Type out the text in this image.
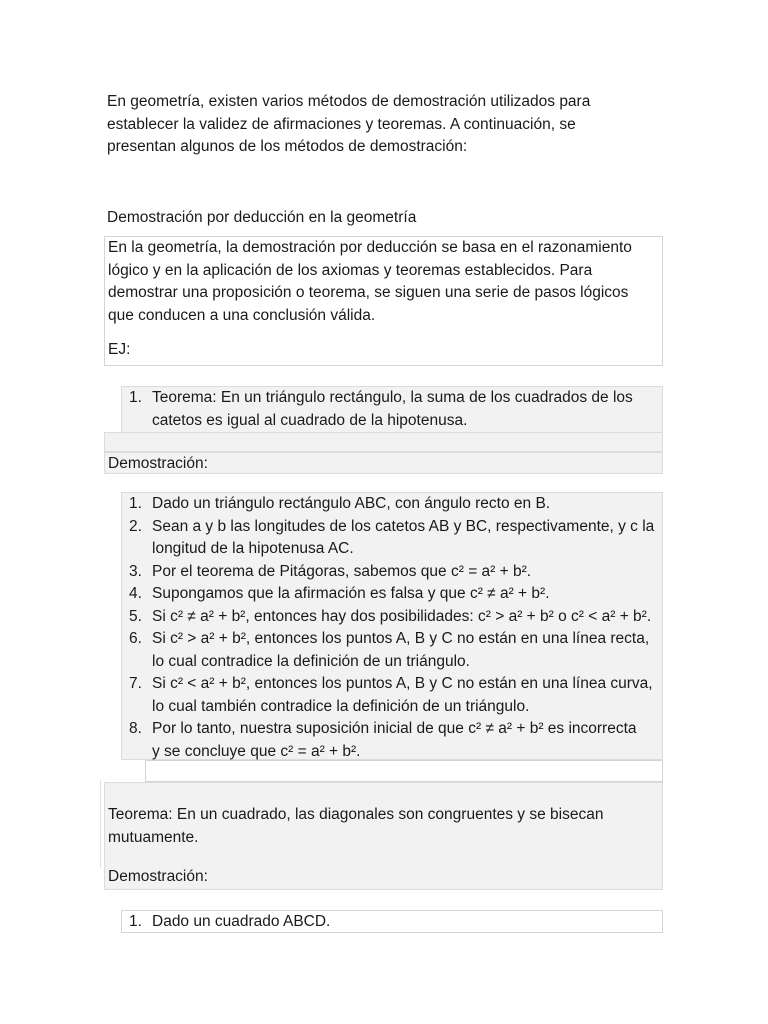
En geometría, existen varios métodos de demostración utilizados para

establecer la validez de afirmaciones y teoremas. A continuación, se

presentan algunos de los métodos de demostración:

Demostración por deducción en la geometría

En la geometría, la demostración por deducción se basa en el razonamiento

lógico y en la aplicación de los axiomas y teoremas establecidos. Para

demostrar una proposición o teorema, se siguen una serie de pasos lógicos

que conducen a una conclusión válida.

EJ:

1. Teorema: En un triángulo rectángulo, la suma de los cuadrados de los
catetos es igual al cuadrado de la hipotenusa.
Demostración:
1. Dado un triángulo rectángulo ABC, con ángulo recto en B.
2. Sean a y b las longitudes de los catetos AB y BC, respectivamente, y c la
longitud de la hipotenusa AC.
3. Por el teorema de Pitágoras, sabemos que c² = a² + b².
4. Supongamos que la afirmación es falsa y que c² ≠ a² + b².
5. Si c² ≠ a² + b², entonces hay dos posibilidades: c² > a² + b² o c² < a² + b².
6. Si c² > a² + b², entonces los puntos A, B y C no están en una línea recta,
lo cual contradice la definición de un triángulo.
7. Si c² < a² + b², entonces los puntos A, B y C no están en una línea curva,
lo cual también contradice la definición de un triángulo.
8. Por lo tanto, nuestra suposición inicial de que c² ≠ a² + b² es incorrecta
y se concluye que c² = a² + b².

Teorema: En un cuadrado, las diagonales son congruentes y se bisecan

mutuamente.

Demostración:

1. Dado un cuadrado ABCD.
